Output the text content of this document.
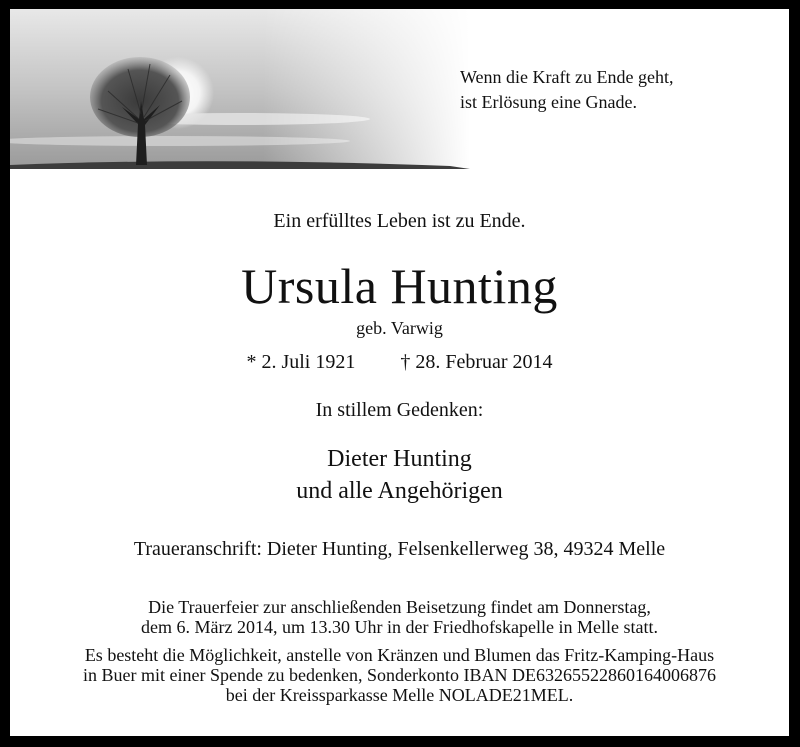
Wenn die Kraft zu Ende geht,
ist Erlösung eine Gnade.
Ein erfülltes Leben ist zu Ende.
Ursula Hunting
geb. Varwig
* 2. Juli 1921 † 28. Februar 2014
In stillem Gedenken:
Dieter Hunting
und alle Angehörigen
Traueranschrift: Dieter Hunting, Felsenkellerweg 38, 49324 Melle
Die Trauerfeier zur anschließenden Beisetzung findet am Donnerstag,
dem 6. März 2014, um 13.30 Uhr in der Friedhofskapelle in Melle statt.
Es besteht die Möglichkeit, anstelle von Kränzen und Blumen das Fritz-Kamping-Haus
in Buer mit einer Spende zu bedenken, Sonderkonto IBAN DE63265522860164006876
bei der Kreissparkasse Melle NOLADE21MEL.
